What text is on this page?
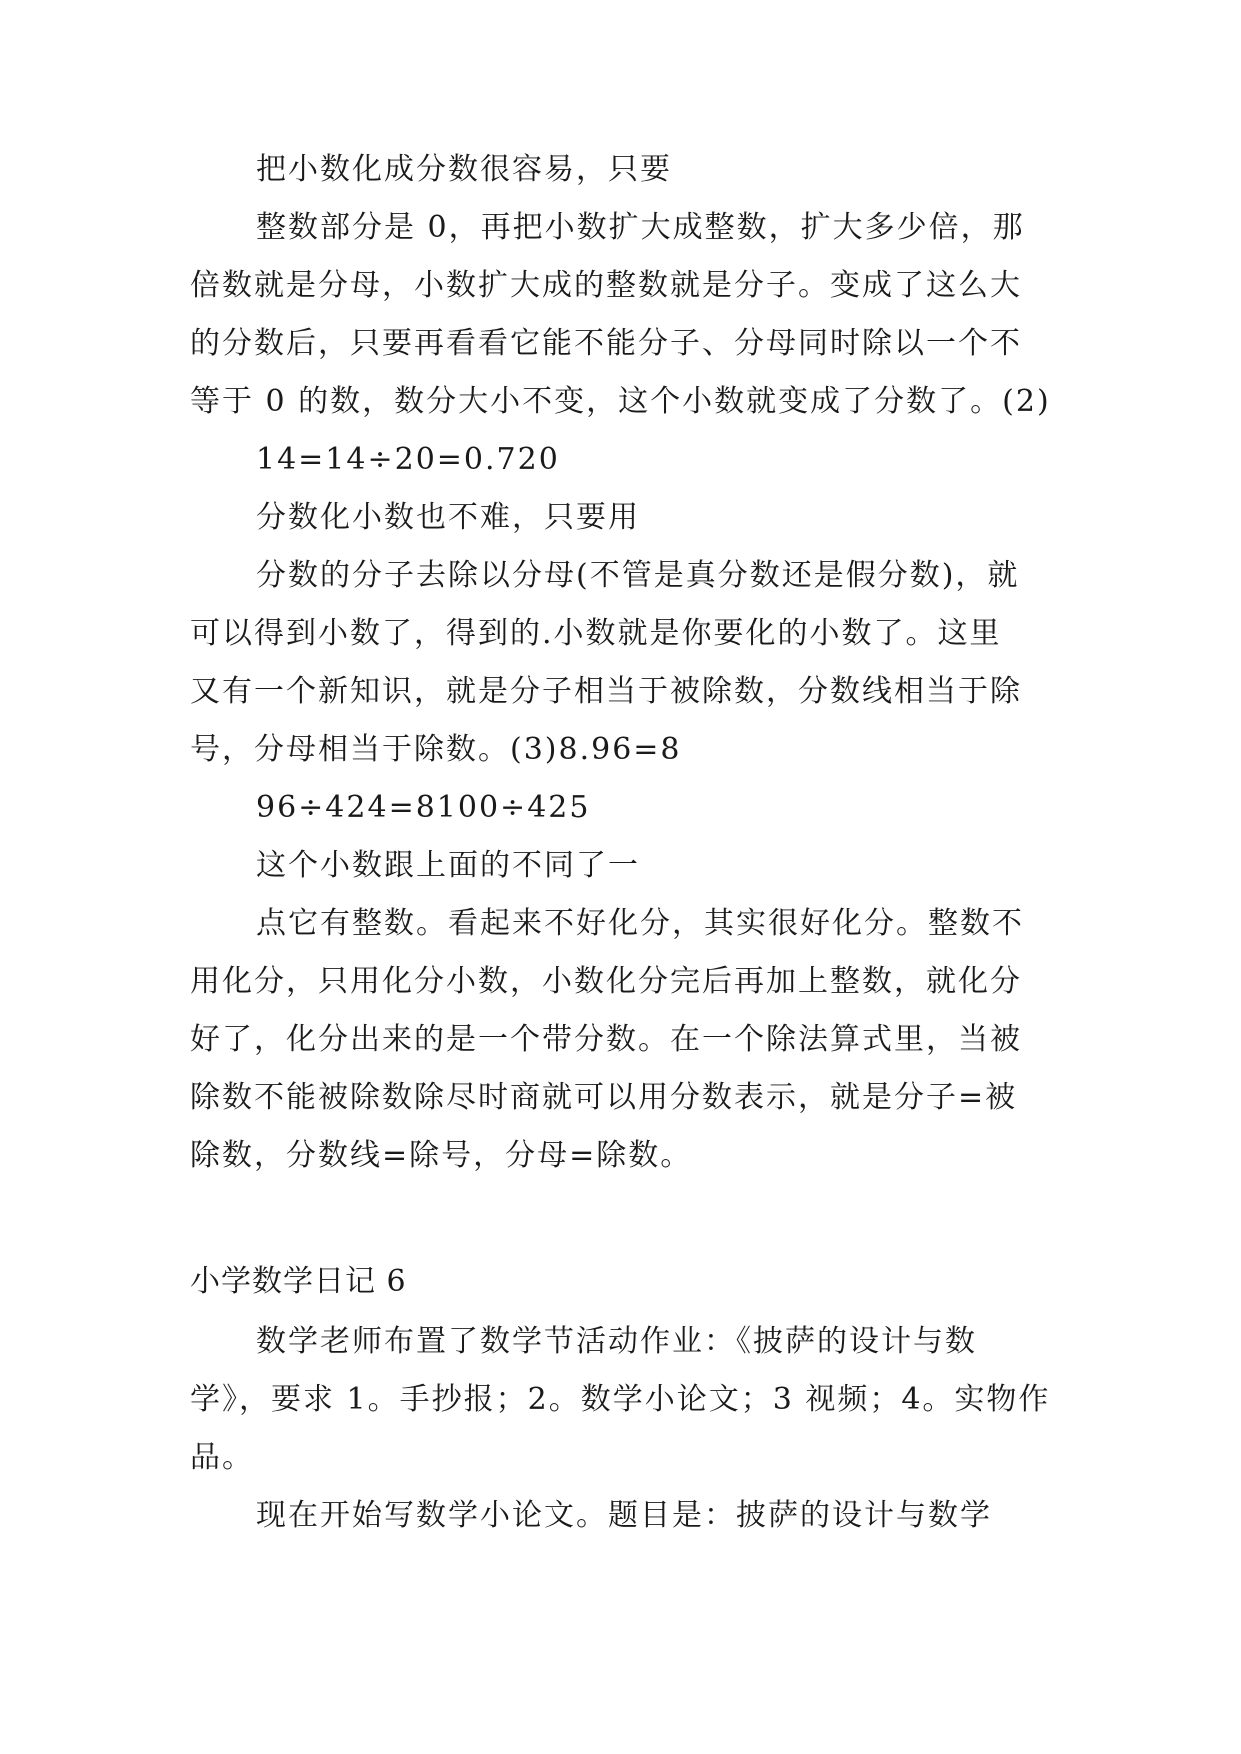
把小数化成分数很容易，只要
整数部分是 0，再把小数扩大成整数，扩大多少倍，那
倍数就是分母，小数扩大成的整数就是分子。变成了这么大
的分数后，只要再看看它能不能分子、分母同时除以一个不
等于 0 的数，数分大小不变，这个小数就变成了分数了。(2)
14=14÷20=0.720
分数化小数也不难，只要用
分数的分子去除以分母(不管是真分数还是假分数)，就
可以得到小数了，得到的.小数就是你要化的小数了。这里
又有一个新知识，就是分子相当于被除数，分数线相当于除
号，分母相当于除数。(3)8.96=8
96÷424=8100÷425
这个小数跟上面的不同了一
点它有整数。看起来不好化分，其实很好化分。整数不
用化分，只用化分小数，小数化分完后再加上整数，就化分
好了，化分出来的是一个带分数。在一个除法算式里，当被
除数不能被除数除尽时商就可以用分数表示，就是分子=被
除数，分数线=除号，分母=除数。
小学数学日记 6
数学老师布置了数学节活动作业：《披萨的设计与数
学》，要求 1。手抄报；2。数学小论文；3 视频；4。实物作
品。
现在开始写数学小论文。题目是：披萨的设计与数学
